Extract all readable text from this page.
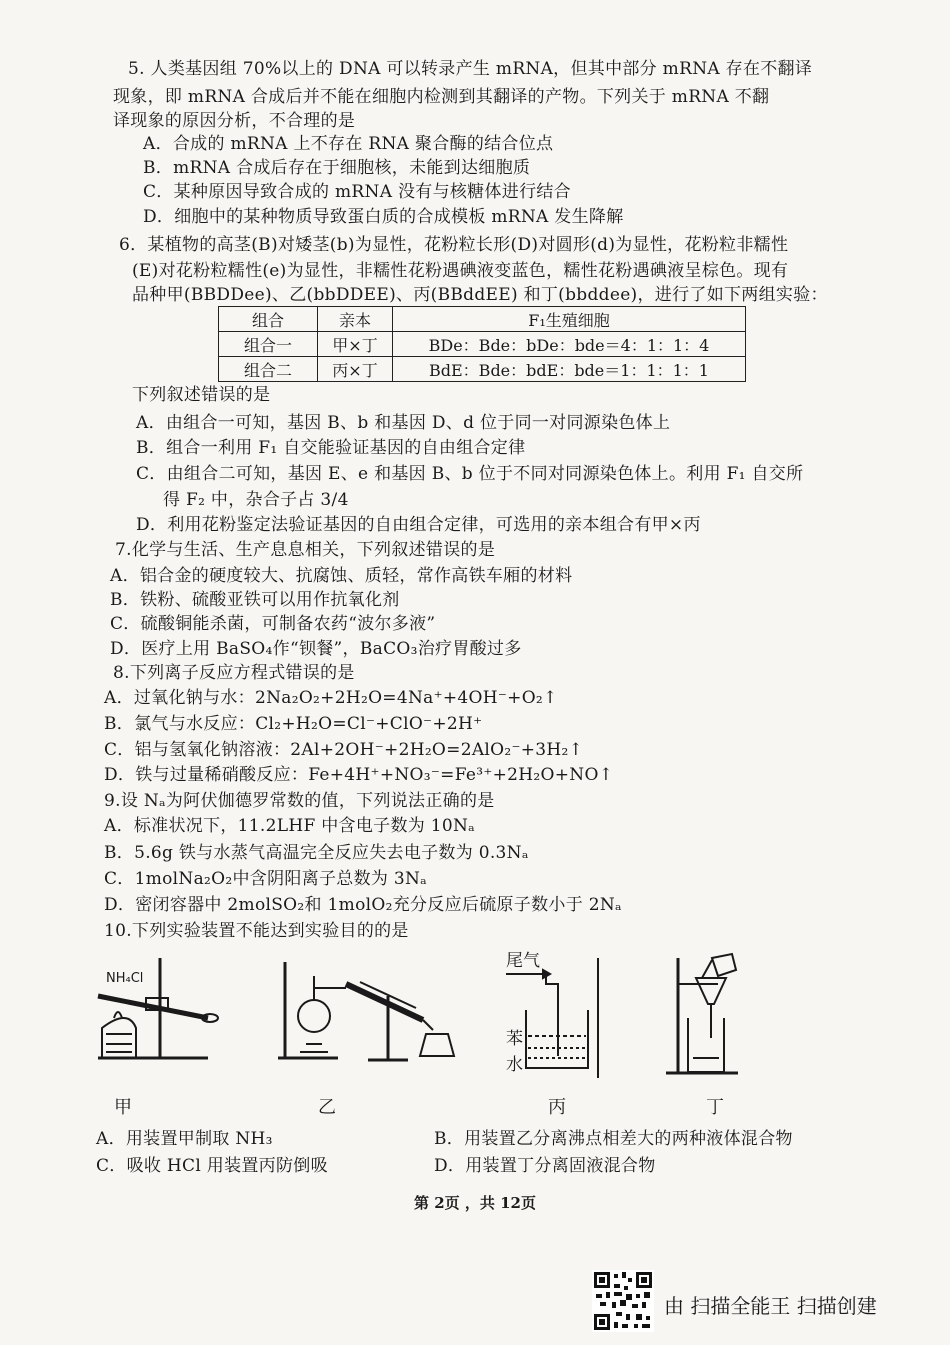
5. 人类基因组 70%以上的 DNA 可以转录产生 mRNA，但其中部分 mRNA 存在不翻译
现象，即 mRNA 合成后并不能在细胞内检测到其翻译的产物。下列关于 mRNA 不翻
译现象的原因分析，不合理的是
A．合成的 mRNA 上不存在 RNA 聚合酶的结合位点
B．mRNA 合成后存在于细胞核，未能到达细胞质
C．某种原因导致合成的 mRNA 没有与核糖体进行结合
D．细胞中的某种物质导致蛋白质的合成模板 mRNA 发生降解
6．某植物的高茎(B)对矮茎(b)为显性，花粉粒长形(D)对圆形(d)为显性，花粉粒非糯性
(E)对花粉粒糯性(e)为显性，非糯性花粉遇碘液变蓝色，糯性花粉遇碘液呈棕色。现有
品种甲(BBDDee)、乙(bbDDEE)、丙(BBddEE) 和丁(bbddee)，进行了如下两组实验：
组合	亲本	F₁生殖细胞
组合一	甲×丁	BDe：Bde：bDe：bde＝4：1：1：4
组合二	丙×丁	BdE：Bde：bdE：bde＝1：1：1：1
下列叙述错误的是
A．由组合一可知，基因 B、b 和基因 D、d 位于同一对同源染色体上
B．组合一利用 F₁ 自交能验证基因的自由组合定律
C．由组合二可知，基因 E、e 和基因 B、b 位于不同对同源染色体上。利用 F₁ 自交所
得 F₂ 中，杂合子占 3/4
D．利用花粉鉴定法验证基因的自由组合定律，可选用的亲本组合有甲×丙
7.化学与生活、生产息息相关，下列叙述错误的是
A．铝合金的硬度较大、抗腐蚀、质轻，常作高铁车厢的材料
B．铁粉、硫酸亚铁可以用作抗氧化剂
C．硫酸铜能杀菌，可制备农药“波尔多液”
D．医疗上用 BaSO₄作“钡餐”，BaCO₃治疗胃酸过多
8.下列离子反应方程式错误的是
A．过氧化钠与水：2Na₂O₂+2H₂O=4Na⁺+4OH⁻+O₂↑
B．氯气与水反应：Cl₂+H₂O=Cl⁻+ClO⁻+2H⁺
C．铝与氢氧化钠溶液：2Al+2OH⁻+2H₂O=2AlO₂⁻+3H₂↑
D．铁与过量稀硝酸反应：Fe+4H⁺+NO₃⁻=Fe³⁺+2H₂O+NO↑
9.设 Nₐ为阿伏伽德罗常数的值，下列说法正确的是
A．标准状况下，11.2LHF 中含电子数为 10Nₐ
B．5.6g 铁与水蒸气高温完全反应失去电子数为 0.3Nₐ
C．1molNa₂O₂中含阴阳离子总数为 3Nₐ
D．密闭容器中 2molSO₂和 1molO₂充分反应后硫原子数小于 2Nₐ
10.下列实验装置不能达到实验目的的是
NH₄Cl
尾气
苯
水
甲	乙	丙	丁
A．用装置甲制取 NH₃	B．用装置乙分离沸点相差大的两种液体混合物
C．吸收 HCl 用装置丙防倒吸	D．用装置丁分离固液混合物
第 2页 ，共 12页
由 扫描全能王 扫描创建
